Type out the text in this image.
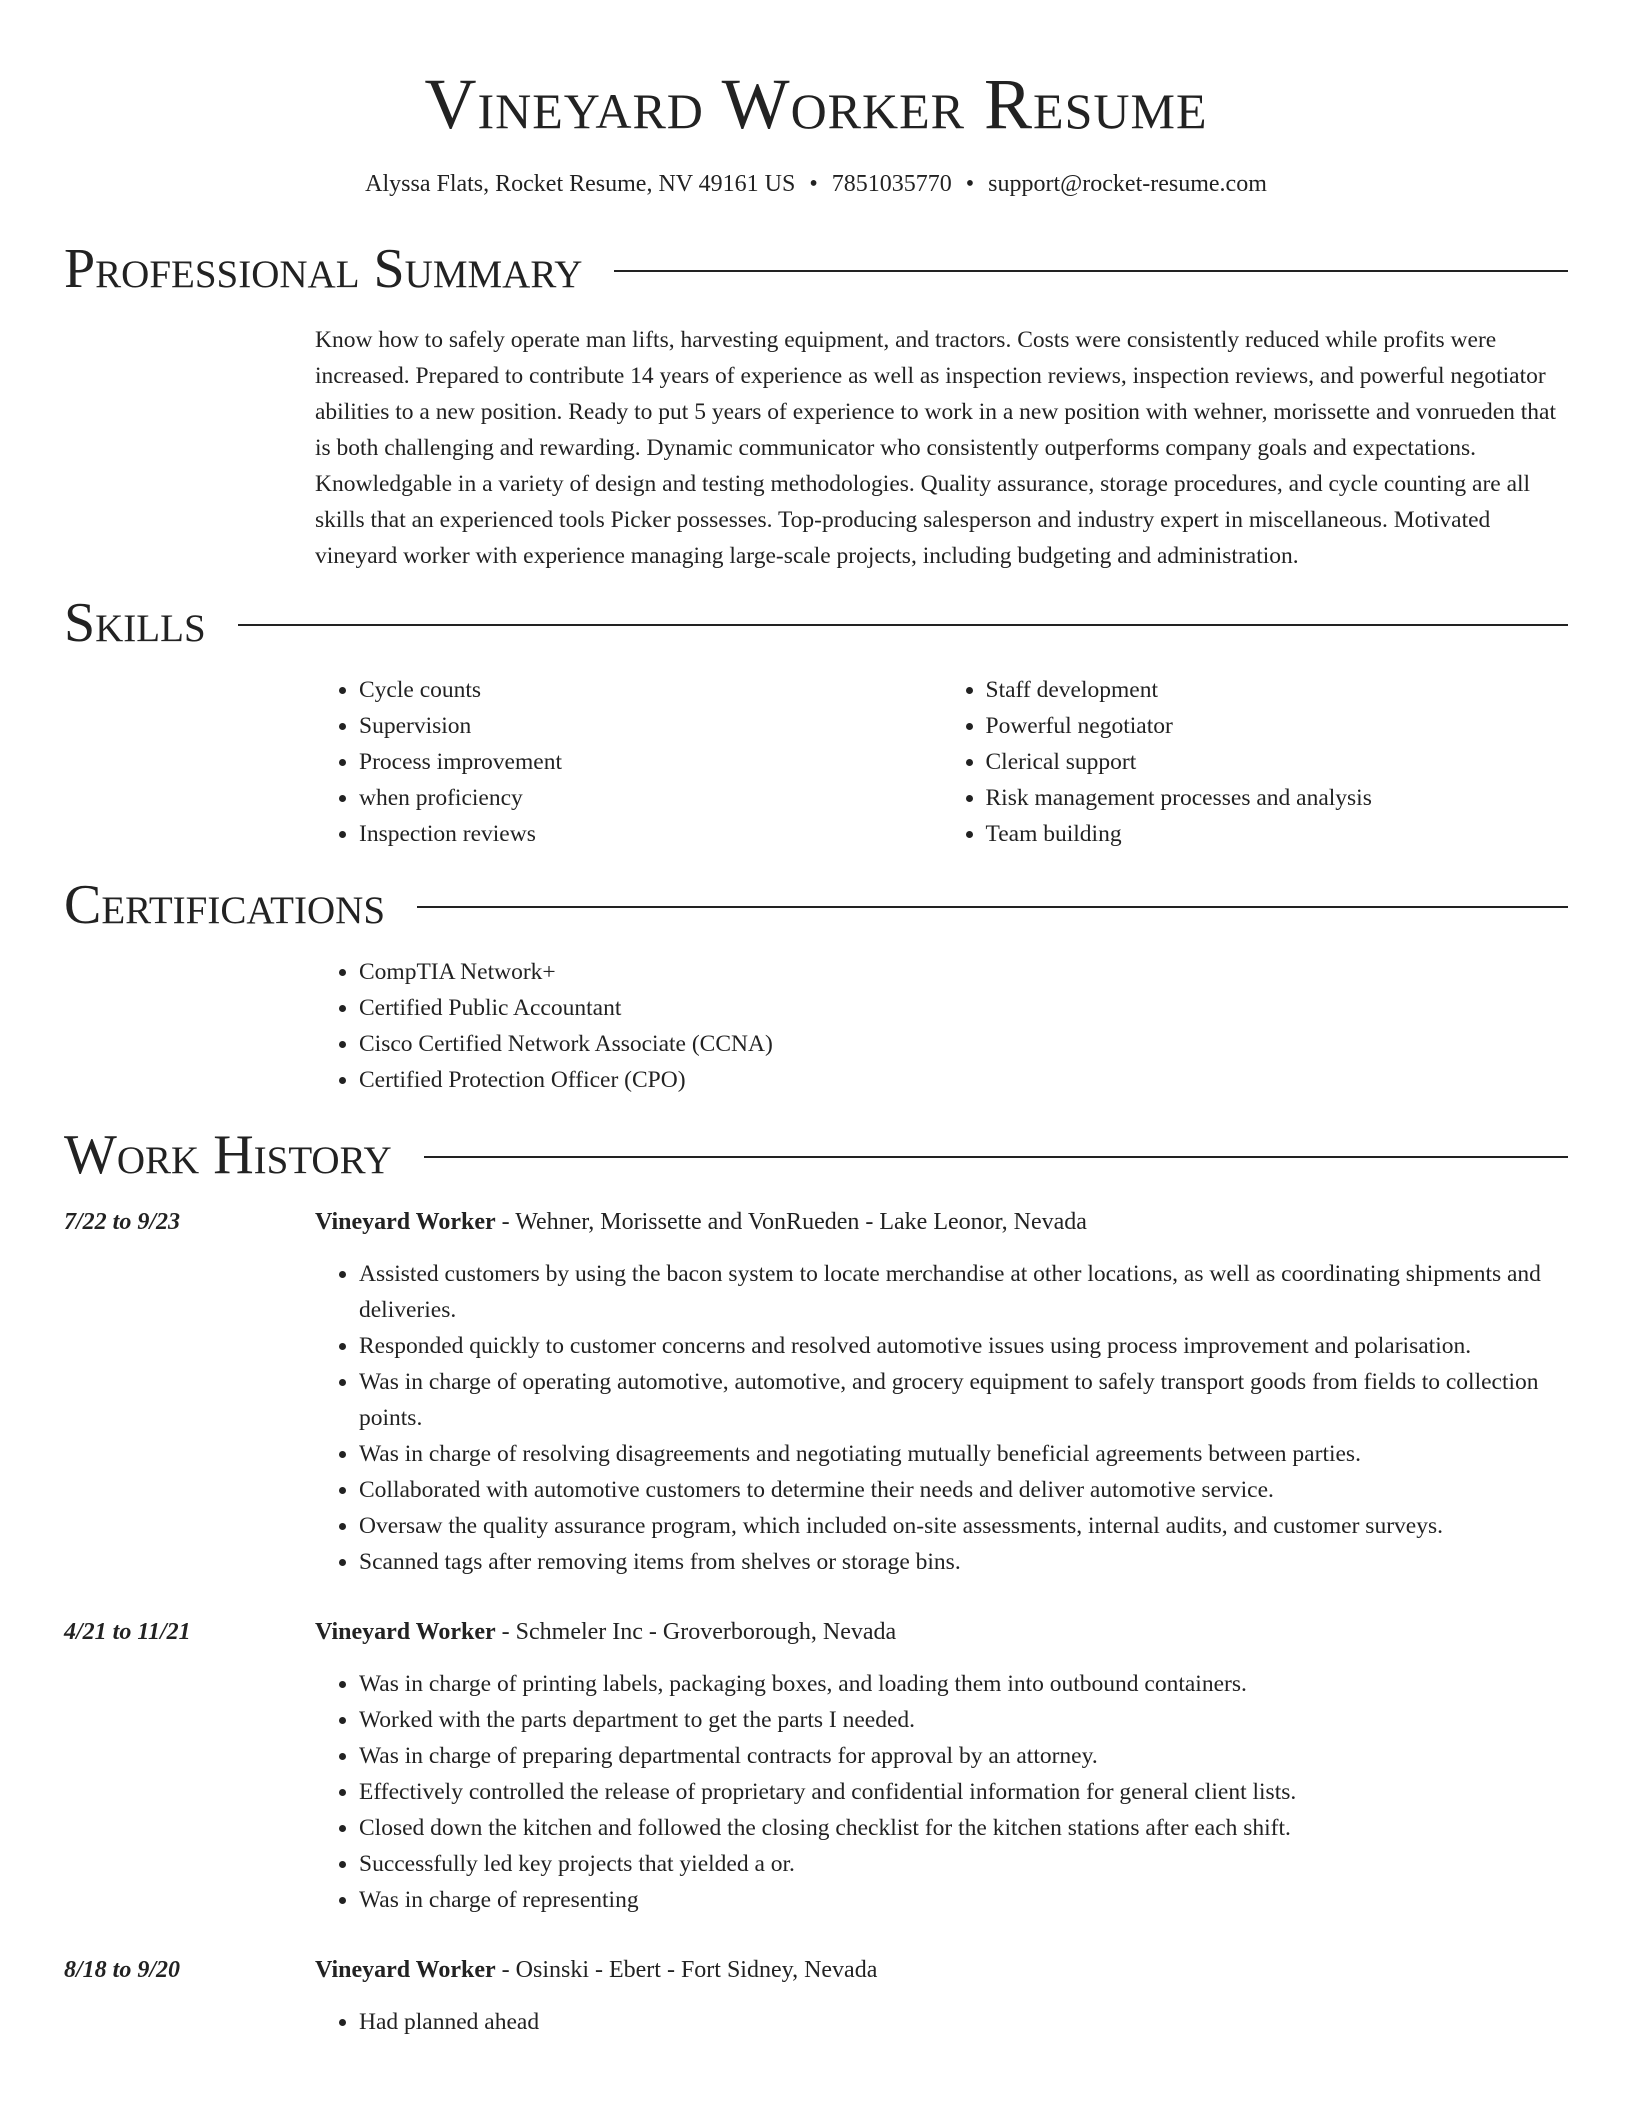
Vineyard Worker Resume
Alyssa Flats, Rocket Resume, NV 49161 US • 7851035770 • support@rocket-resume.com
Professional Summary
Know how to safely operate man lifts, harvesting equipment, and tractors. Costs were consistently reduced while profits were increased. Prepared to contribute 14 years of experience as well as inspection reviews, inspection reviews, and powerful negotiator abilities to a new position. Ready to put 5 years of experience to work in a new position with wehner, morissette and vonrueden that is both challenging and rewarding. Dynamic communicator who consistently outperforms company goals and expectations. Knowledgable in a variety of design and testing methodologies. Quality assurance, storage procedures, and cycle counting are all skills that an experienced tools Picker possesses. Top-producing salesperson and industry expert in miscellaneous. Motivated vineyard worker with experience managing large-scale projects, including budgeting and administration.
Skills
• Cycle counts
• Supervision
• Process improvement
• when proficiency
• Inspection reviews
• Staff development
• Powerful negotiator
• Clerical support
• Risk management processes and analysis
• Team building
Certifications
• CompTIA Network+
• Certified Public Accountant
• Cisco Certified Network Associate (CCNA)
• Certified Protection Officer (CPO)
Work History
7/22 to 9/23	Vineyard Worker - Wehner, Morissette and VonRueden - Lake Leonor, Nevada
• Assisted customers by using the bacon system to locate merchandise at other locations, as well as coordinating shipments and deliveries.
• Responded quickly to customer concerns and resolved automotive issues using process improvement and polarisation.
• Was in charge of operating automotive, automotive, and grocery equipment to safely transport goods from fields to collection points.
• Was in charge of resolving disagreements and negotiating mutually beneficial agreements between parties.
• Collaborated with automotive customers to determine their needs and deliver automotive service.
• Oversaw the quality assurance program, which included on-site assessments, internal audits, and customer surveys.
• Scanned tags after removing items from shelves or storage bins.
4/21 to 11/21	Vineyard Worker - Schmeler Inc - Groverborough, Nevada
• Was in charge of printing labels, packaging boxes, and loading them into outbound containers.
• Worked with the parts department to get the parts I needed.
• Was in charge of preparing departmental contracts for approval by an attorney.
• Effectively controlled the release of proprietary and confidential information for general client lists.
• Closed down the kitchen and followed the closing checklist for the kitchen stations after each shift.
• Successfully led key projects that yielded a or.
• Was in charge of representing
8/18 to 9/20	Vineyard Worker - Osinski - Ebert - Fort Sidney, Nevada
• Had planned ahead
